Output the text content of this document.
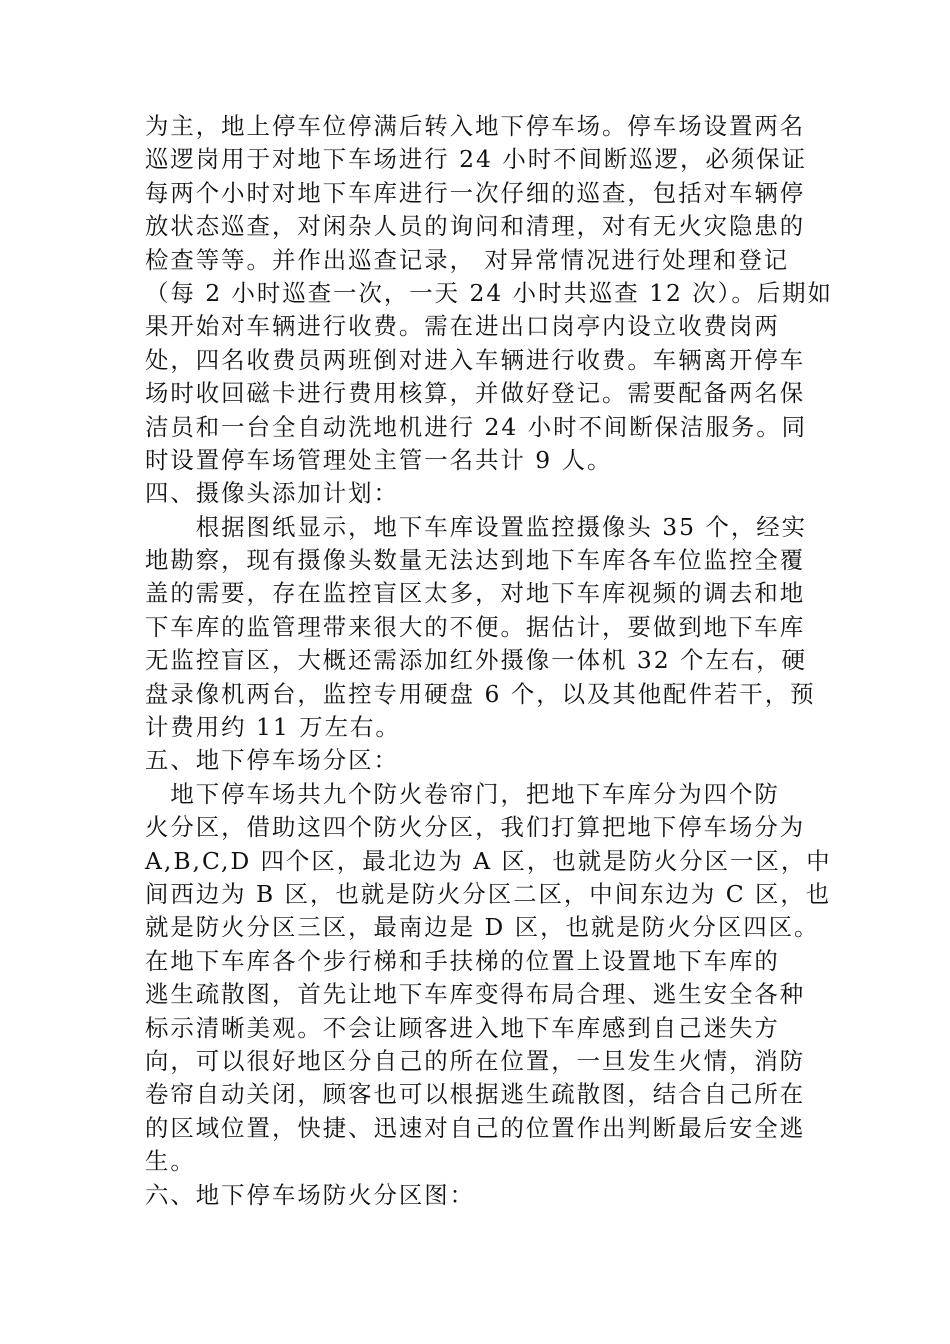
为主，地上停车位停满后转入地下停车场。停车场设置两名
巡逻岗用于对地下车场进行 24 小时不间断巡逻，必须保证
每两个小时对地下车库进行一次仔细的巡查，包括对车辆停
放状态巡查，对闲杂人员的询问和清理，对有无火灾隐患的
检查等等。并作出巡查记录， 对异常情况进行处理和登记
（每 2 小时巡查一次，一天 24 小时共巡查 12 次）。后期如
果开始对车辆进行收费。需在进出口岗亭内设立收费岗两
处，四名收费员两班倒对进入车辆进行收费。车辆离开停车
场时收回磁卡进行费用核算，并做好登记。需要配备两名保
洁员和一台全自动洗地机进行 24 小时不间断保洁服务。同
时设置停车场管理处主管一名共计 9 人。
四、摄像头添加计划：
　　根据图纸显示，地下车库设置监控摄像头 35 个，经实
地勘察，现有摄像头数量无法达到地下车库各车位监控全覆
盖的需要，存在监控盲区太多，对地下车库视频的调去和地
下车库的监管理带来很大的不便。据估计，要做到地下车库
无监控盲区，大概还需添加红外摄像一体机 32 个左右，硬
盘录像机两台，监控专用硬盘 6 个，以及其他配件若干，预
计费用约 11 万左右。
五、地下停车场分区：
　地下停车场共九个防火卷帘门，把地下车库分为四个防
火分区，借助这四个防火分区，我们打算把地下停车场分为
A,B,C,D 四个区，最北边为 A 区，也就是防火分区一区，中
间西边为 B 区，也就是防火分区二区，中间东边为 C 区，也
就是防火分区三区，最南边是 D 区，也就是防火分区四区。
在地下车库各个步行梯和手扶梯的位置上设置地下车库的
逃生疏散图，首先让地下车库变得布局合理、逃生安全各种
标示清晰美观。不会让顾客进入地下车库感到自己迷失方
向，可以很好地区分自己的所在位置，一旦发生火情，消防
卷帘自动关闭，顾客也可以根据逃生疏散图，结合自己所在
的区域位置，快捷、迅速对自己的位置作出判断最后安全逃
生。
六、地下停车场防火分区图：
